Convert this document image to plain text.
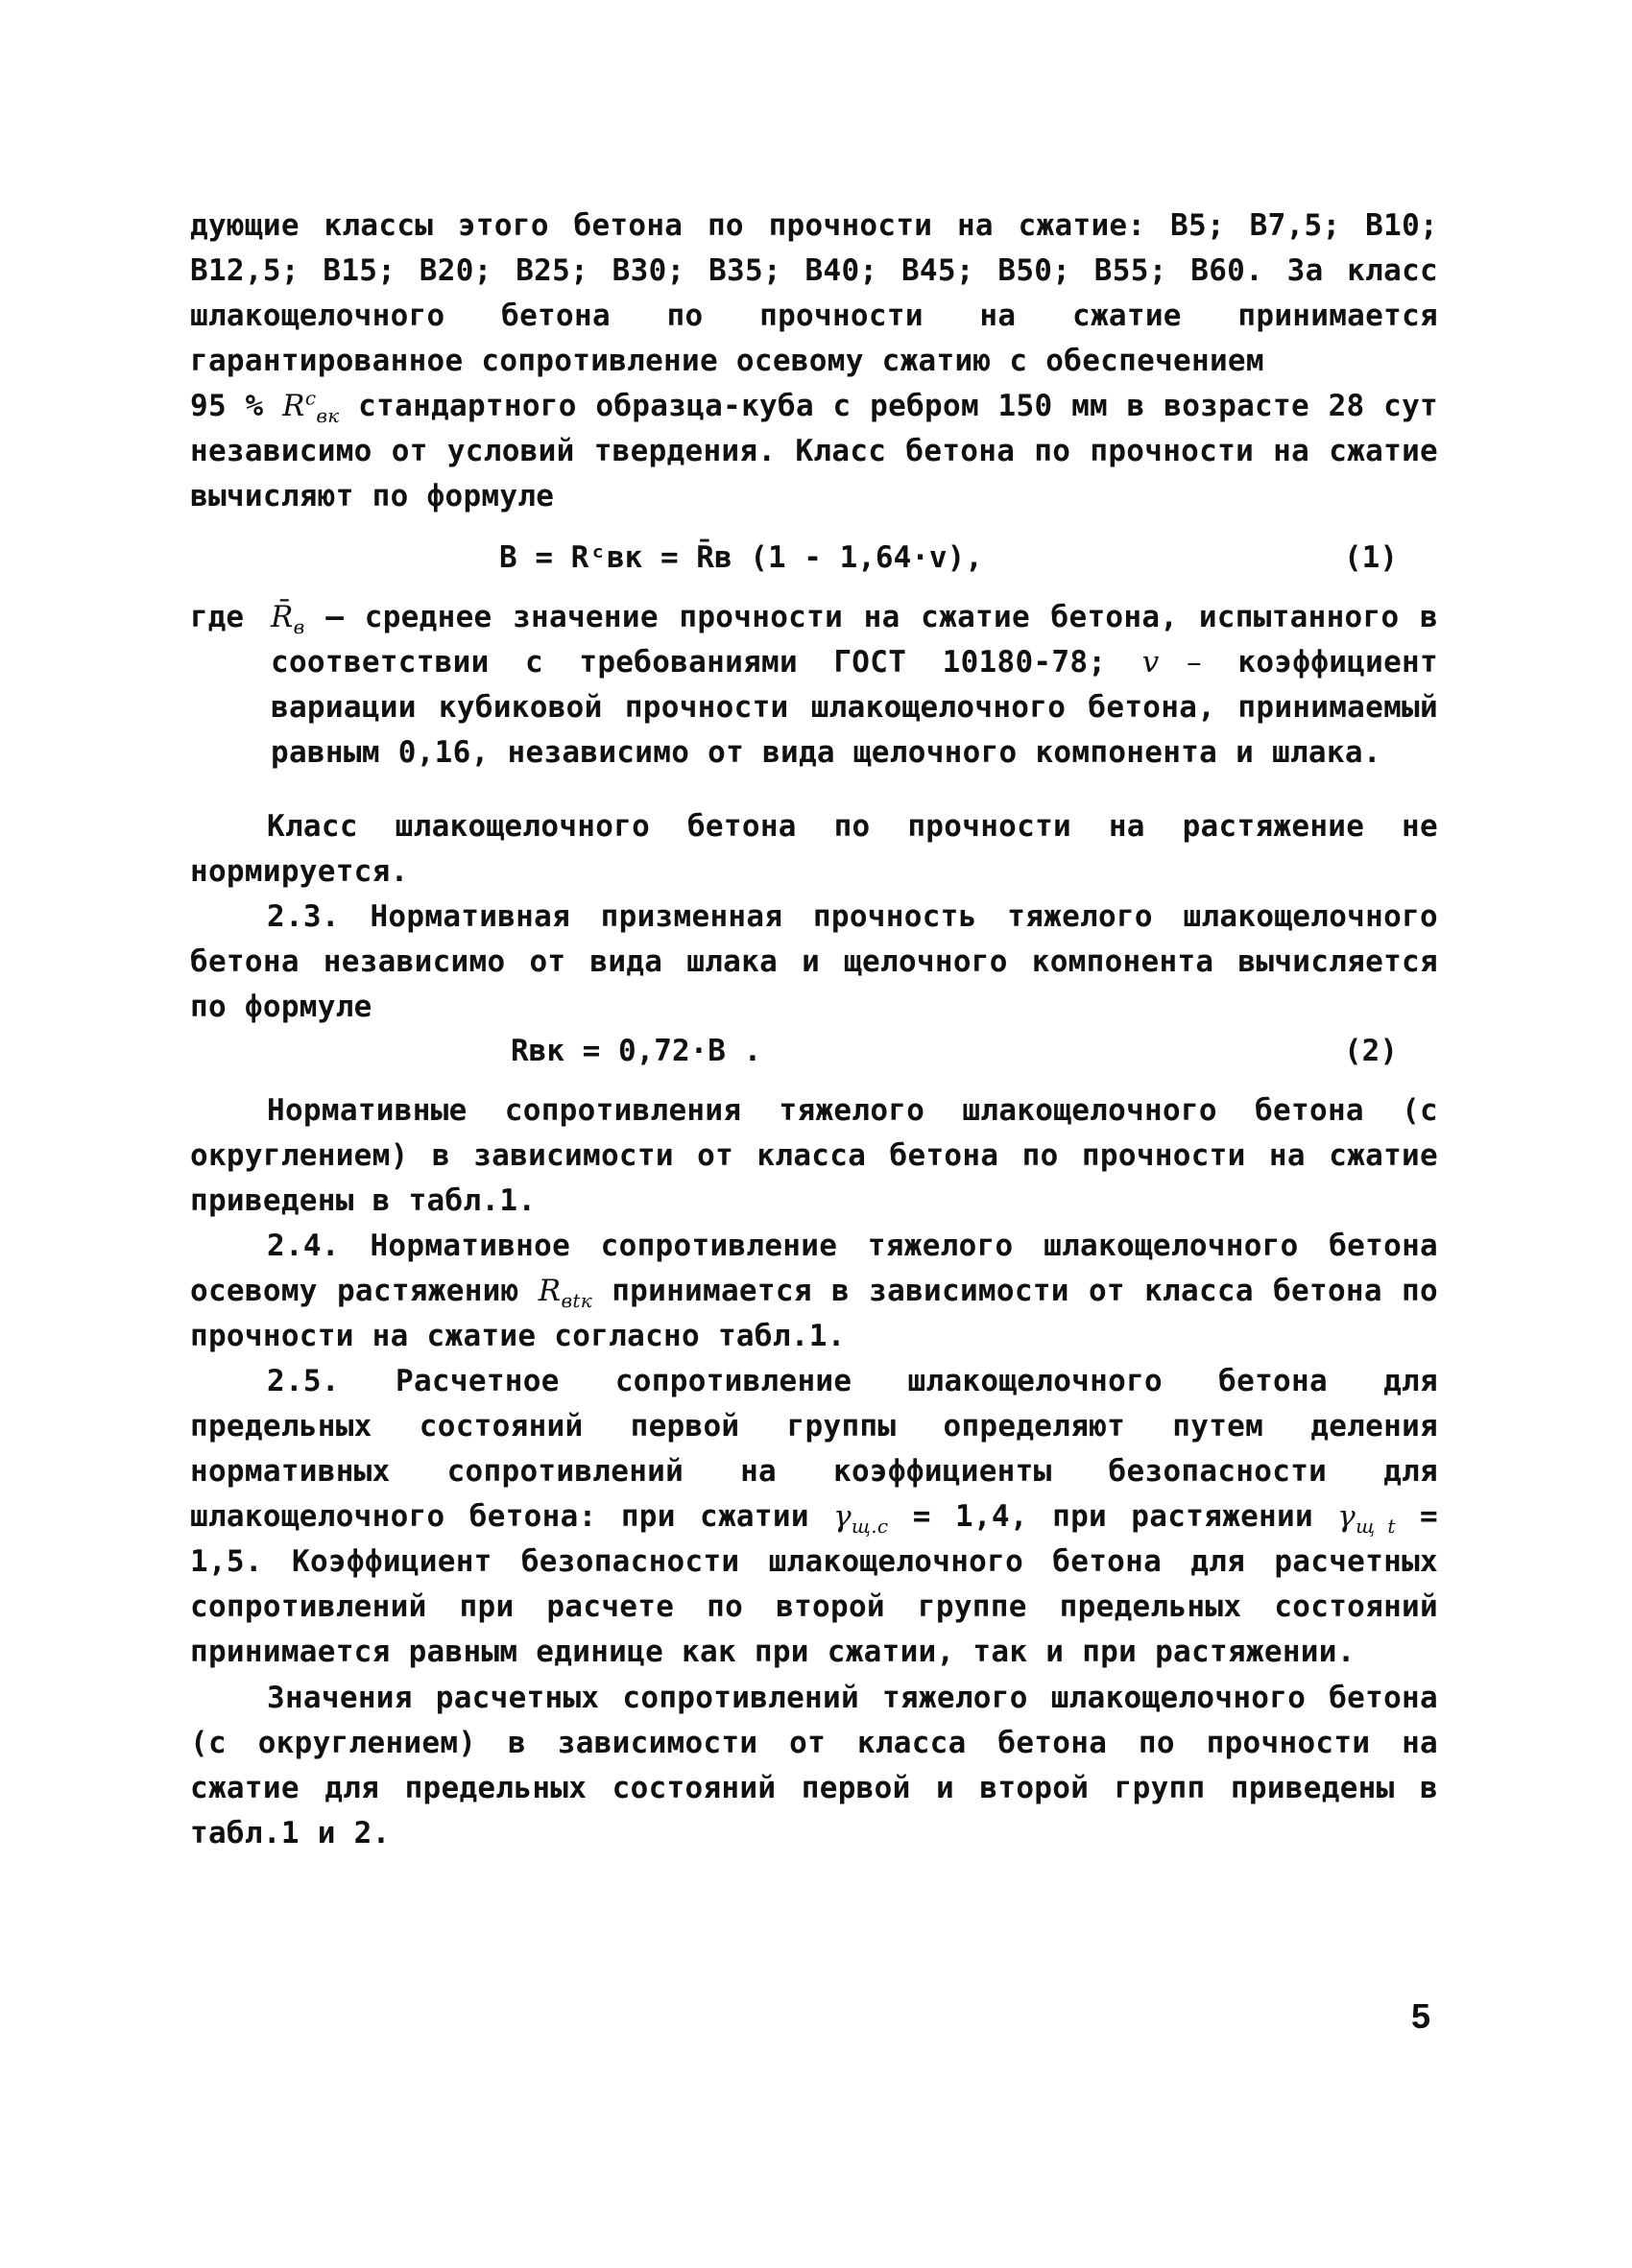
дующие классы этого бетона по прочности на сжатие: В5; В7,5; В10; В12,5; В15; В20; В25; В30; В35; В40; В45; В50; В55; В60. За класс шлакощелочного бетона по прочности на сжатие принимается гарантированное сопротивление осевому сжатию с обеспечением
95 % $R^c_{вк}$ стандартного образца-куба с ребром 150 мм в возрасте 28 сут независимо от условий твердения. Класс бетона по прочности на сжатие вычисляют по формуле
B = Rᶜвк = R̄в (1 - 1,64·v),	(1)
где $R̄_в$ – среднее значение прочности на сжатие бетона, испытанного в соответствии с требованиями ГОСТ 10180-78; v – коэффициент вариации кубиковой прочности шлакощелочного бетона, принимаемый равным 0,16, независимо от вида щелочного компонента и шлака.
Класс шлакощелочного бетона по прочности на растяжение не нормируется.
2.3. Нормативная призменная прочность тяжелого шлакощелочного бетона независимо от вида шлака и щелочного компонента вычисляется по формуле
Rвк = 0,72·B .	(2)
Нормативные сопротивления тяжелого шлакощелочного бетона (с округлением) в зависимости от класса бетона по прочности на сжатие приведены в табл.1.
2.4. Нормативное сопротивление тяжелого шлакощелочного бетона осевому растяжению $R_{вtк}$ принимается в зависимости от класса бетона по прочности на сжатие согласно табл.1.
2.5. Расчетное сопротивление шлакощелочного бетона для предельных состояний первой группы определяют путем деления нормативных сопротивлений на коэффициенты безопасности для шлакощелочного бетона: при сжатии $\gamma_{щ.с} = 1,4$, при растяжении $\gamma_{щ t} = 1,5$. Коэффициент безопасности шлакощелочного бетона для расчетных сопротивлений при расчете по второй группе предельных состояний принимается равным единице как при сжатии, так и при растяжении.
Значения расчетных сопротивлений тяжелого шлакощелочного бетона (с округлением) в зависимости от класса бетона по прочности на сжатие для предельных состояний первой и второй групп приведены в табл.1 и 2.
5
